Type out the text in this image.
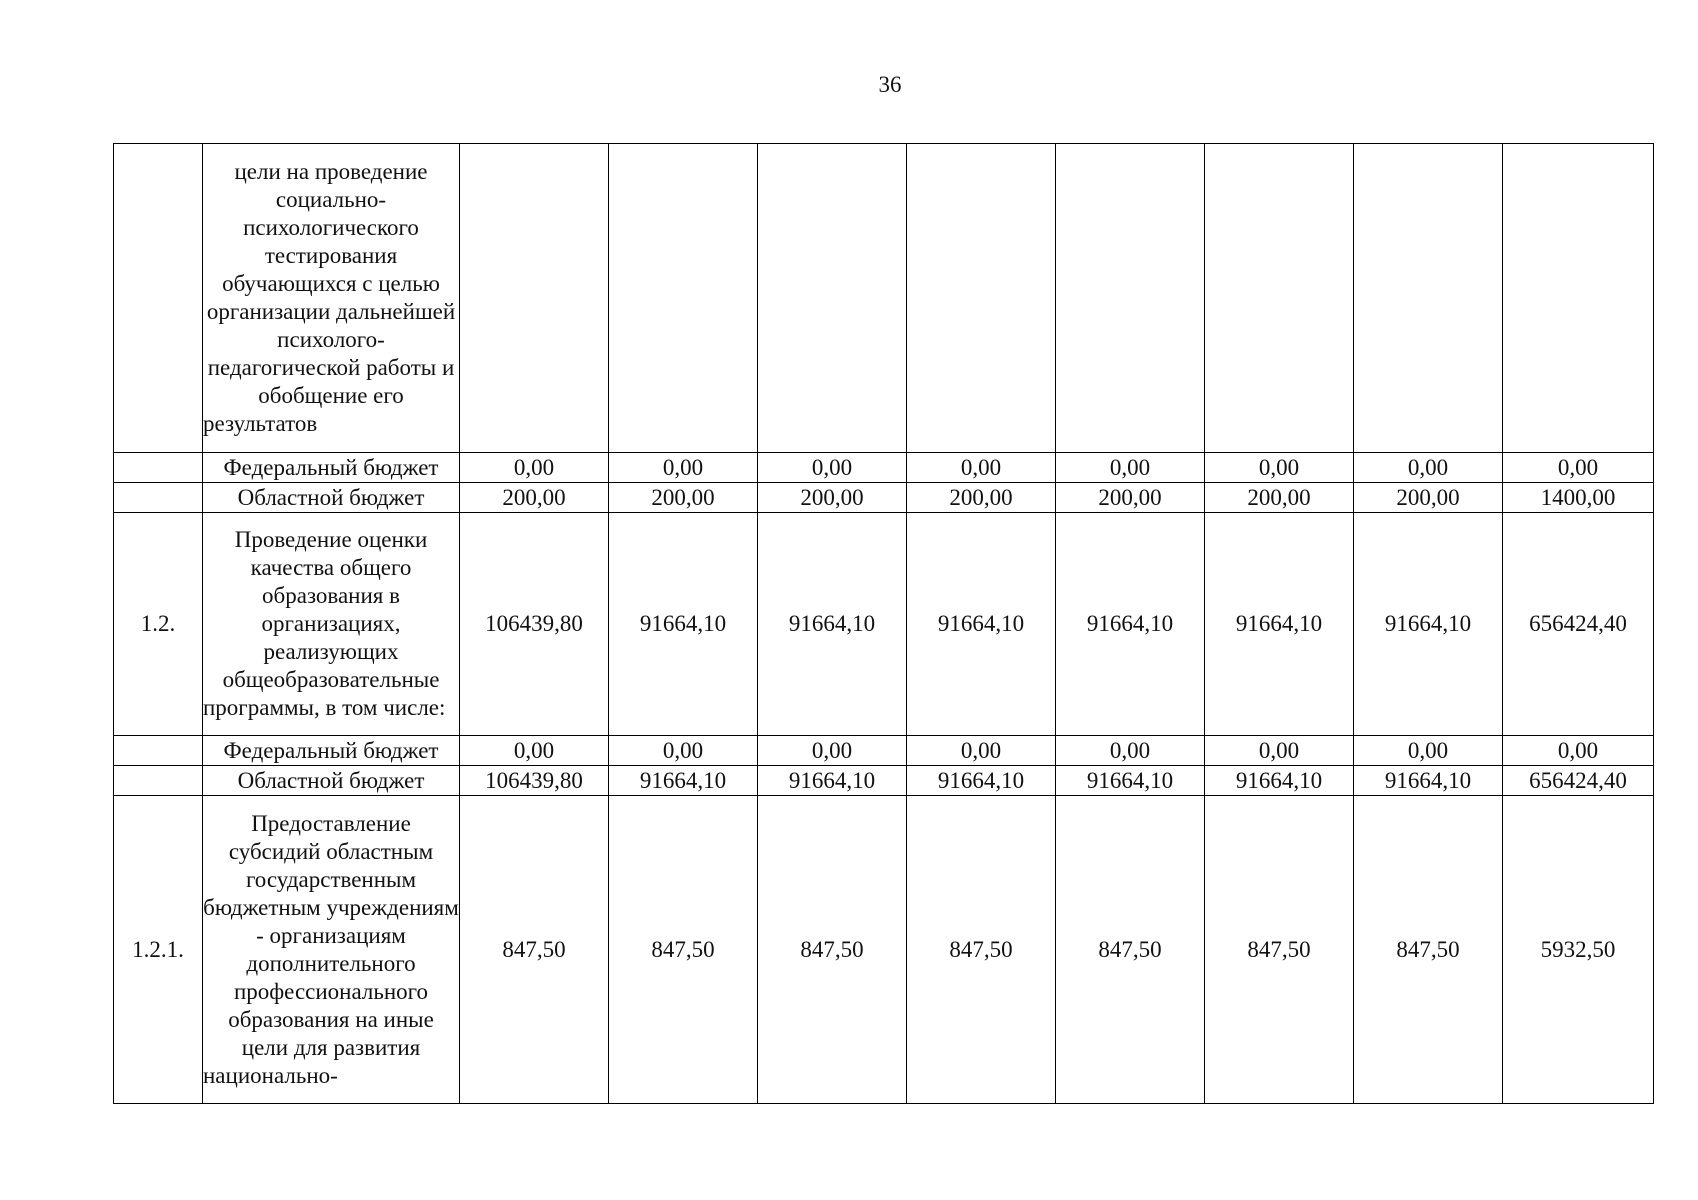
36
	цели на проведение социально-психологического тестирования обучающихся с целью организации дальнейшей психолого-педагогической работы и обобщение его результатов								
	Федеральный бюджет	0,00	0,00	0,00	0,00	0,00	0,00	0,00	0,00
	Областной бюджет	200,00	200,00	200,00	200,00	200,00	200,00	200,00	1400,00
1.2.	Проведение оценки качества общего образования в организациях, реализующих общеобразовательные программы, в том числе:	106439,80	91664,10	91664,10	91664,10	91664,10	91664,10	91664,10	656424,40
	Федеральный бюджет	0,00	0,00	0,00	0,00	0,00	0,00	0,00	0,00
	Областной бюджет	106439,80	91664,10	91664,10	91664,10	91664,10	91664,10	91664,10	656424,40
1.2.1.	Предоставление субсидий областным государственным бюджетным учреждениям - организациям дополнительного профессионального образования на иные цели для развития национально-	847,50	847,50	847,50	847,50	847,50	847,50	847,50	5932,50
